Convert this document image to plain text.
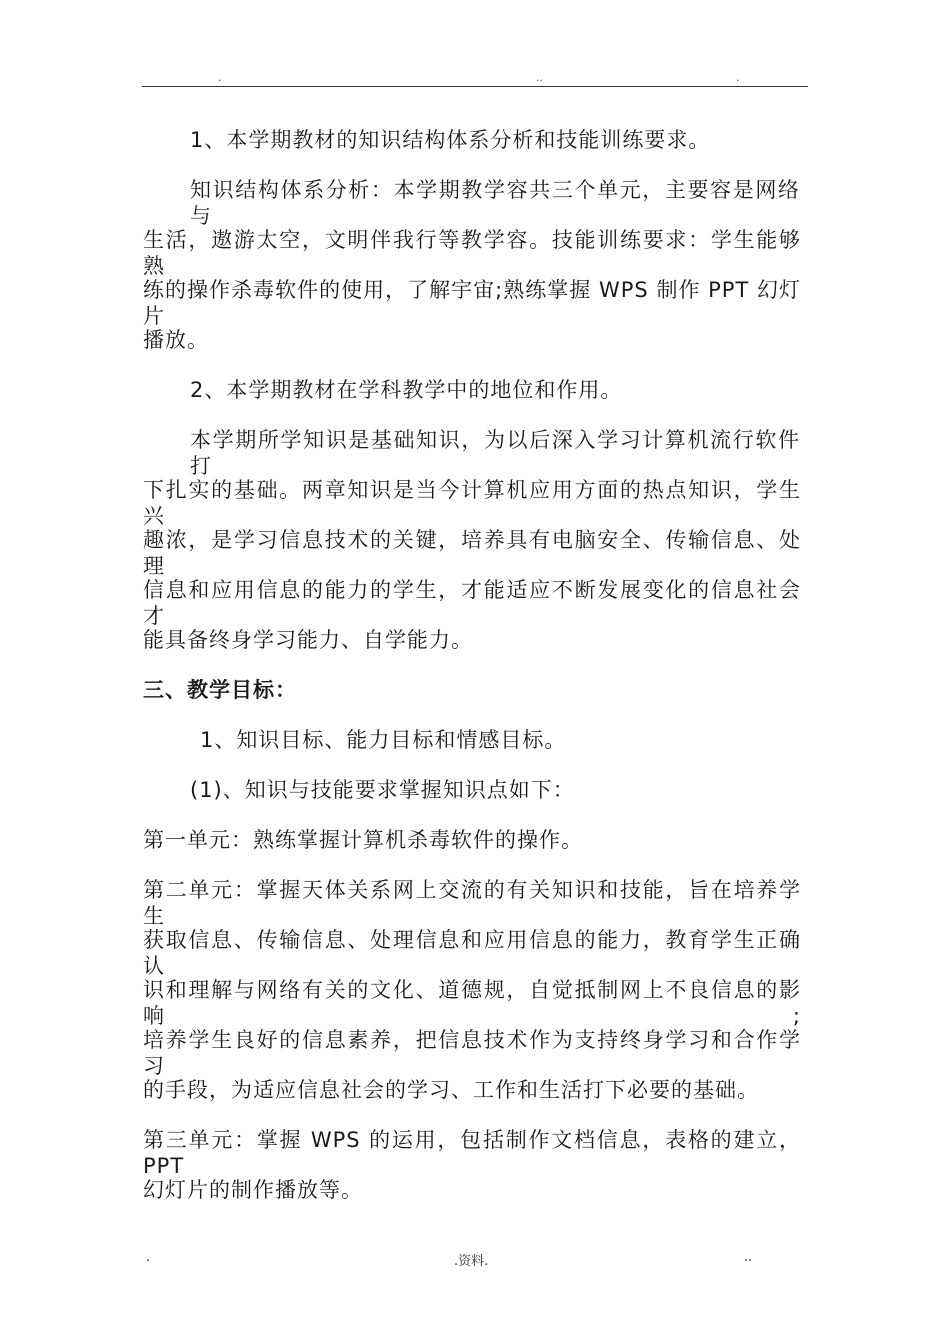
.	..	.
1、本学期教材的知识结构体系分析和技能训练要求。
知识结构体系分析：本学期教学容共三个单元，主要容是网络与
生活，遨游太空，文明伴我行等教学容。技能训练要求：学生能够熟
练的操作杀毒软件的使用，了解宇宙;熟练掌握 WPS 制作 PPT 幻灯片
播放。
2、本学期教材在学科教学中的地位和作用。
本学期所学知识是基础知识，为以后深入学习计算机流行软件打
下扎实的基础。两章知识是当今计算机应用方面的热点知识，学生兴
趣浓，是学习信息技术的关键，培养具有电脑安全、传输信息、处理
信息和应用信息的能力的学生，才能适应不断发展变化的信息社会才
能具备终身学习能力、自学能力。
三、教学目标：
1、知识目标、能力目标和情感目标。
(1)、知识与技能要求掌握知识点如下：
第一单元：熟练掌握计算机杀毒软件的操作。
第二单元：掌握天体关系网上交流的有关知识和技能，旨在培养学生
获取信息、传输信息、处理信息和应用信息的能力，教育学生正确认
识和理解与网络有关的文化、道德规，自觉抵制网上不良信息的影响;
培养学生良好的信息素养，把信息技术作为支持终身学习和合作学习
的手段，为适应信息社会的学习、工作和生活打下必要的基础。
第三单元：掌握 WPS 的运用，包括制作文档信息，表格的建立，PPT
幻灯片的制作播放等。
.	.资料.	..
